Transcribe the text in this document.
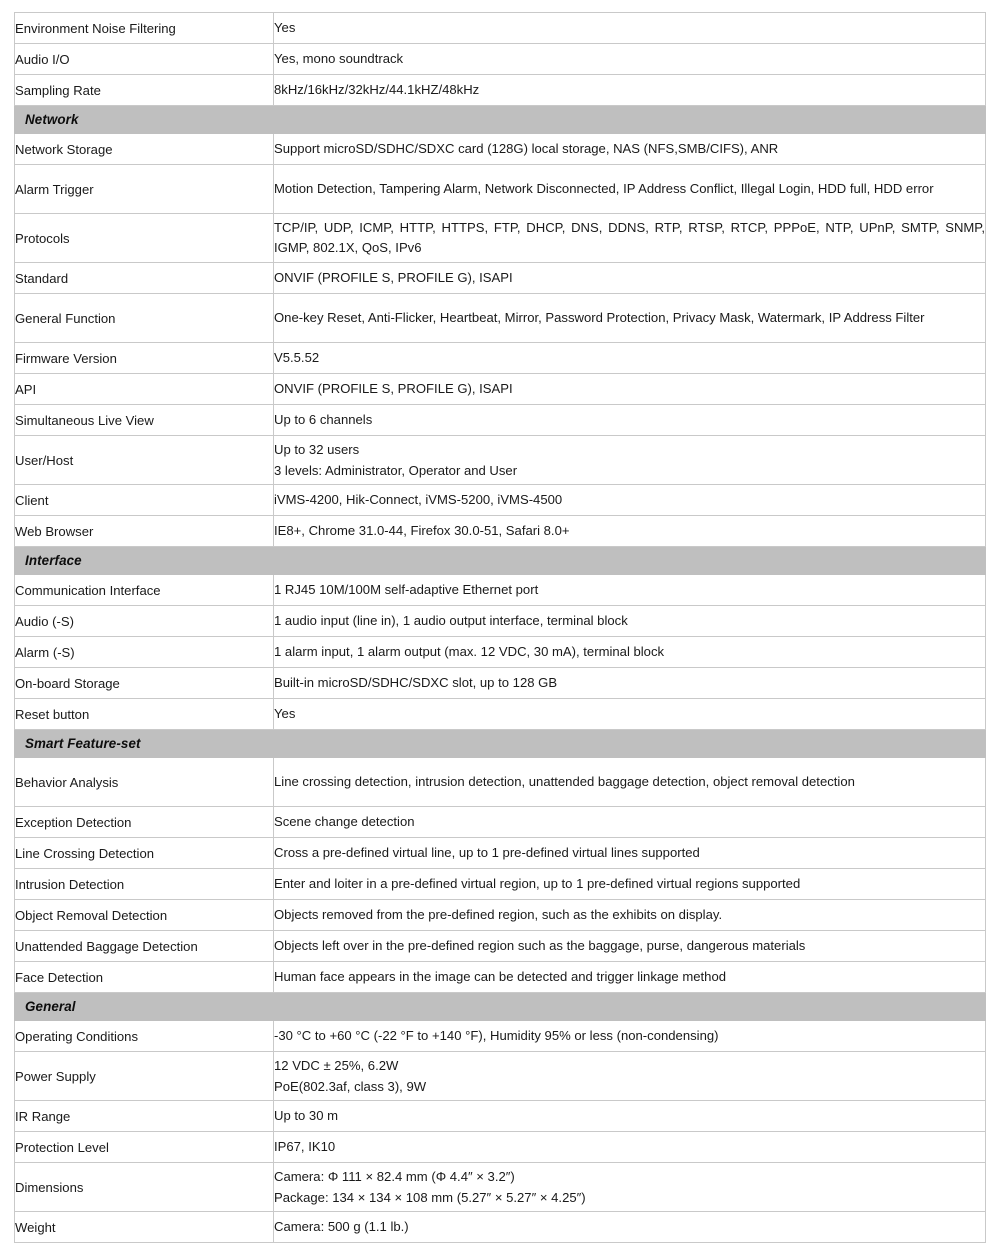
Environment Noise Filtering	Yes

Audio I/O	Yes, mono soundtrack

Sampling Rate	8kHz/16kHz/32kHz/44.1kHZ/48kHz

Network	

Network Storage	Support microSD/SDHC/SDXC card (128G) local storage, NAS (NFS,SMB/CIFS), ANR

Alarm Trigger	Motion Detection, Tampering Alarm, Network Disconnected, IP Address Conflict, Illegal Login, HDD full, HDD error

Protocols	TCP/IP, UDP, ICMP, HTTP, HTTPS, FTP, DHCP, DNS, DDNS, RTP, RTSP, RTCP, PPPoE, NTP, UPnP, SMTP, SNMP, IGMP, 802.1X, QoS, IPv6

Standard	ONVIF (PROFILE S, PROFILE G), ISAPI

General Function	One-key Reset, Anti-Flicker, Heartbeat, Mirror, Password Protection, Privacy Mask, Watermark, IP Address Filter

Firmware Version	V5.5.52

API	ONVIF (PROFILE S, PROFILE G), ISAPI

Simultaneous Live View	Up to 6 channels

User/Host	Up to 32 users
3 levels: Administrator, Operator and User

Client	iVMS-4200, Hik-Connect, iVMS-5200, iVMS-4500

Web Browser	IE8+, Chrome 31.0-44, Firefox 30.0-51, Safari 8.0+

Interface	

Communication Interface	1 RJ45 10M/100M self-adaptive Ethernet port

Audio (-S)	1 audio input (line in), 1 audio output interface, terminal block

Alarm (-S)	1 alarm input, 1 alarm output (max. 12 VDC, 30 mA), terminal block

On-board Storage	Built-in microSD/SDHC/SDXC slot, up to 128 GB

Reset button	Yes

Smart Feature-set	

Behavior Analysis	Line crossing detection, intrusion detection, unattended baggage detection, object removal detection

Exception Detection	Scene change detection

Line Crossing Detection	Cross a pre-defined virtual line, up to 1 pre-defined virtual lines supported

Intrusion Detection	Enter and loiter in a pre-defined virtual region, up to 1 pre-defined virtual regions supported

Object Removal Detection	Objects removed from the pre-defined region, such as the exhibits on display.

Unattended Baggage Detection	Objects left over in the pre-defined region such as the baggage, purse, dangerous materials

Face Detection	Human face appears in the image can be detected and trigger linkage method

General	

Operating Conditions	-30 °C to +60 °C (-22 °F to +140 °F), Humidity 95% or less (non-condensing)

Power Supply	12 VDC ± 25%, 6.2W
PoE(802.3af, class 3), 9W

IR Range	Up to 30 m

Protection Level	IP67, IK10

Dimensions	Camera: Φ 111 × 82.4 mm (Φ 4.4″ × 3.2″)
Package: 134 × 134 × 108 mm (5.27″ × 5.27″ × 4.25″)

Weight	Camera: 500 g (1.1 lb.)
